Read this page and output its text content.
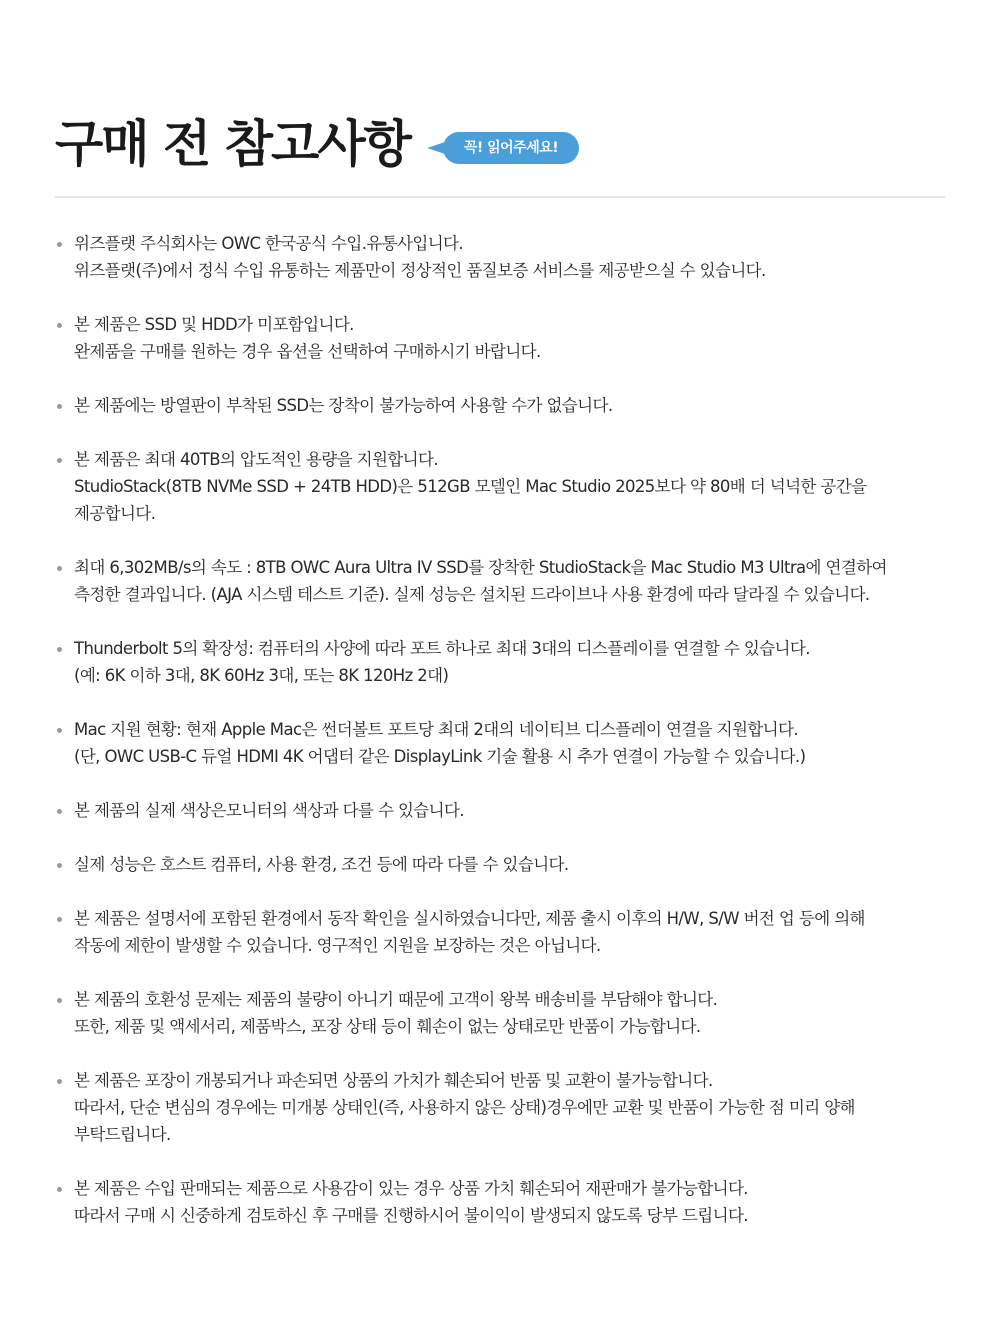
구매 전 참고사항	꼭! 읽어주세요!
위즈플랫 주식회사는 OWC 한국공식 수입.유통사입니다.
위즈플랫(주)에서 정식 수입 유통하는 제품만이 정상적인 품질보증 서비스를 제공받으실 수 있습니다.
본 제품은 SSD 및 HDD가 미포함입니다.
완제품을 구매를 원하는 경우 옵션을 선택하여 구매하시기 바랍니다.
본 제품에는 방열판이 부착된 SSD는 장착이 불가능하여 사용할 수가 없습니다.
본 제품은 최대 40TB의 압도적인 용량을 지원합니다.
StudioStack(8TB NVMe SSD + 24TB HDD)은 512GB 모델인 Mac Studio 2025보다 약 80배 더 넉넉한 공간을
제공합니다.
최대 6,302MB/s의 속도 : 8TB OWC Aura Ultra IV SSD를 장착한 StudioStack을 Mac Studio M3 Ultra에 연결하여
측정한 결과입니다. (AJA 시스템 테스트 기준). 실제 성능은 설치된 드라이브나 사용 환경에 따라 달라질 수 있습니다.
Thunderbolt 5의 확장성: 컴퓨터의 사양에 따라 포트 하나로 최대 3대의 디스플레이를 연결할 수 있습니다.
(예: 6K 이하 3대, 8K 60Hz 3대, 또는 8K 120Hz 2대)
Mac 지원 현황: 현재 Apple Mac은 썬더볼트 포트당 최대 2대의 네이티브 디스플레이 연결을 지원합니다.
(단, OWC USB-C 듀얼 HDMI 4K 어댑터 같은 DisplayLink 기술 활용 시 추가 연결이 가능할 수 있습니다.)
본 제품의 실제 색상은모니터의 색상과 다를 수 있습니다.
실제 성능은 호스트 컴퓨터, 사용 환경, 조건 등에 따라 다를 수 있습니다.
본 제품은 설명서에 포함된 환경에서 동작 확인을 실시하였습니다만, 제품 출시 이후의 H/W, S/W 버전 업 등에 의해
작동에 제한이 발생할 수 있습니다. 영구적인 지원을 보장하는 것은 아닙니다.
본 제품의 호환성 문제는 제품의 불량이 아니기 때문에 고객이 왕복 배송비를 부담해야 합니다.
또한, 제품 및 액세서리, 제품박스, 포장 상태 등이 훼손이 없는 상태로만 반품이 가능합니다.
본 제품은 포장이 개봉되거나 파손되면 상품의 가치가 훼손되어 반품 및 교환이 불가능합니다.
따라서, 단순 변심의 경우에는 미개봉 상태인(즉, 사용하지 않은 상태)경우에만 교환 및 반품이 가능한 점 미리 양해
부탁드립니다.
본 제품은 수입 판매되는 제품으로 사용감이 있는 경우 상품 가치 훼손되어 재판매가 불가능합니다.
따라서 구매 시 신중하게 검토하신 후 구매를 진행하시어 불이익이 발생되지 않도록 당부 드립니다.
